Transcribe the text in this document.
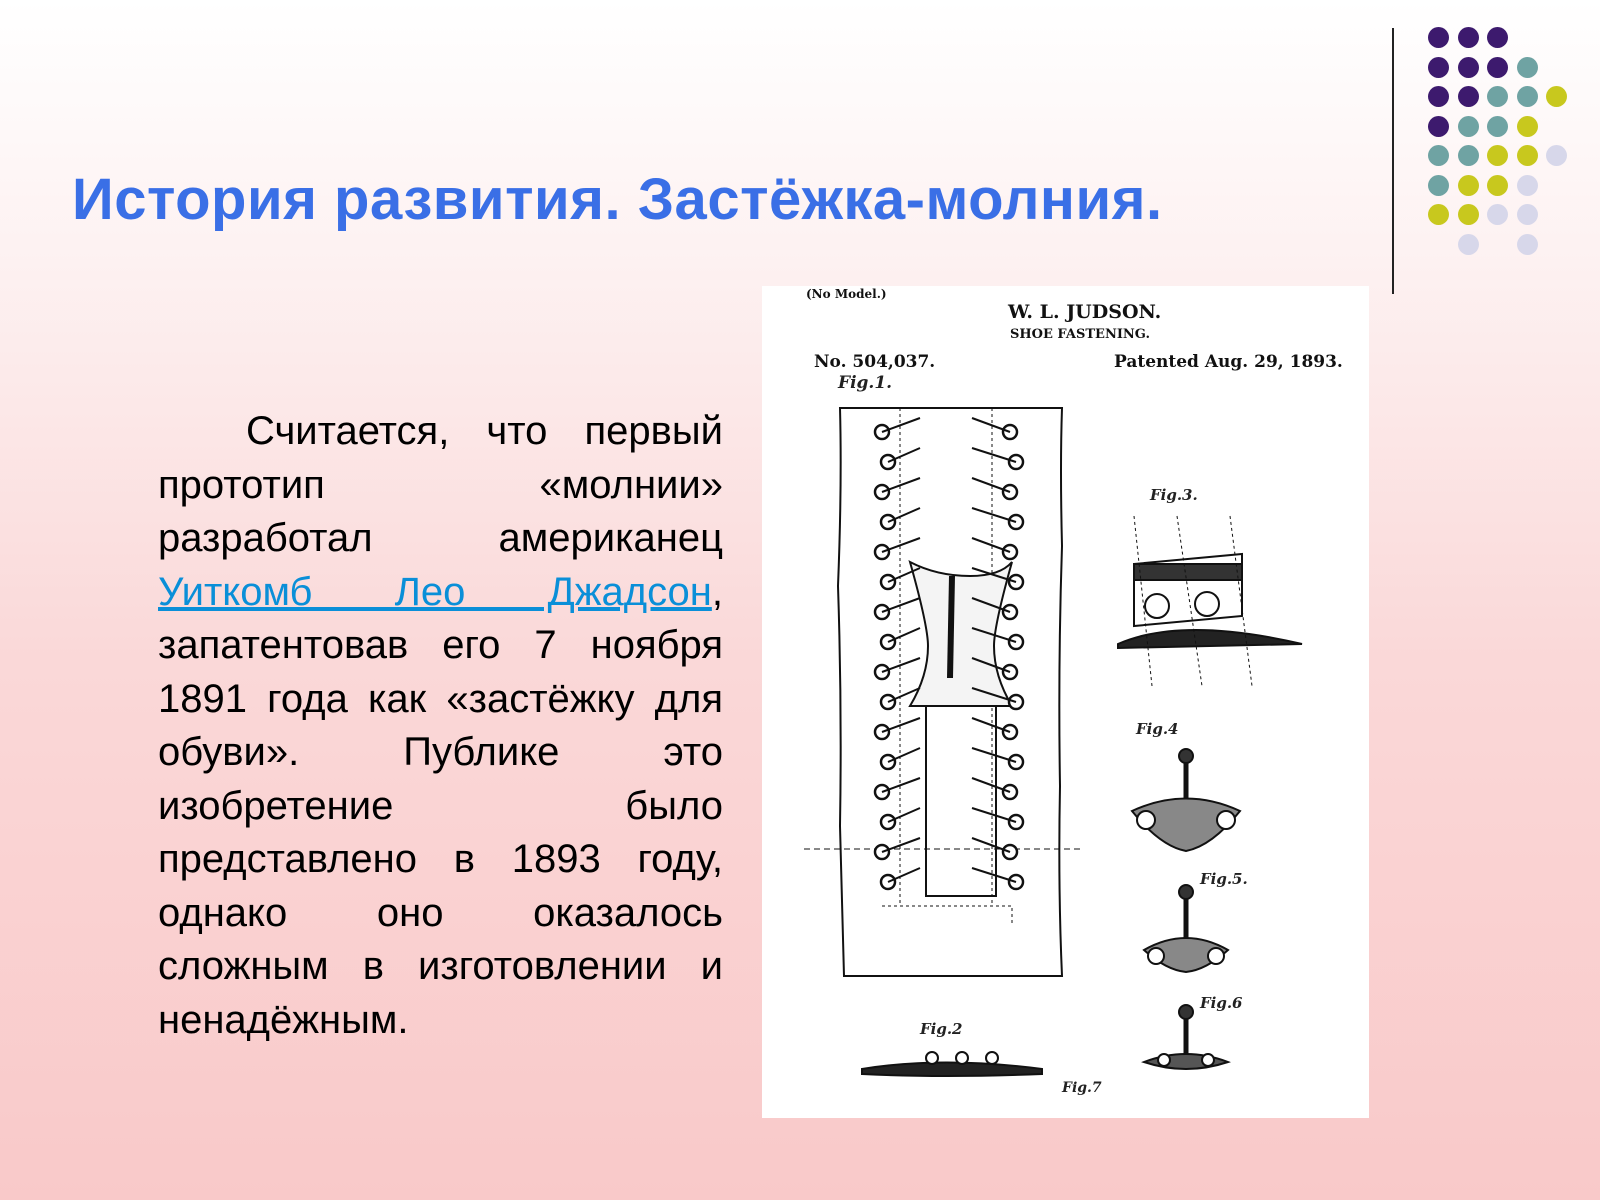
История развития. Застёжка-молния.
Считается, что первый прототип «молнии» разработал американец Уиткомб Лео Джадсон, запатентовав его 7 ноября 1891 года как «застёжку для обуви». Публике это изобретение было представлено в 1893 году, однако оно оказалось сложным в изготовлении и ненадёжным.
(No Model.)
W. L. JUDSON.
SHOE FASTENING.
No. 504,037.	Patented Aug. 29, 1893.
Fig.1.
Fig.3.
Fig.4
Fig.5.
Fig.6
Fig.2
Fig.7
